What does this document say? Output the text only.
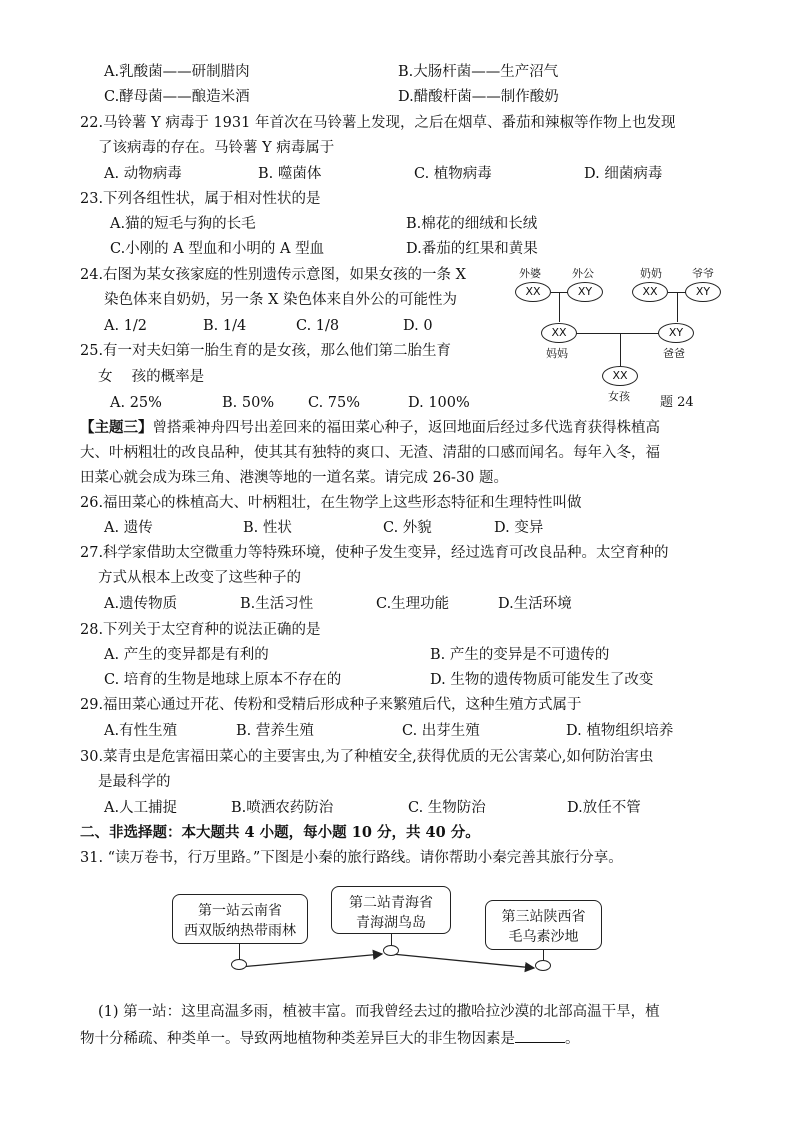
A.乳酸菌——研制腊肉	B.大肠杆菌——生产沼气
C.酵母菌——酿造米酒	D.醋酸杆菌——制作酸奶
22.马铃薯 Y 病毒于 1931 年首次在马铃薯上发现，之后在烟草、番茄和辣椒等作物上也发现
了该病毒的存在。马铃薯 Y 病毒属于
A. 动物病毒	B. 噬菌体	C. 植物病毒	D. 细菌病毒
23.下列各组性状，属于相对性状的是
A.猫的短毛与狗的长毛	B.棉花的细绒和长绒
C.小刚的 A 型血和小明的 A 型血	D.番茄的红果和黄果
24.右图为某女孩家庭的性别遗传示意图，如果女孩的一条 X
染色体来自奶奶，另一条 X 染色体来自外公的可能性为
A. 1/2	B. 1/4	C. 1/8	D. 0
25.有一对夫妇第一胎生育的是女孩，那么他们第二胎生育
女　 孩的概率是
A. 25%	B. 50% C. 75%	D. 100%
外婆	外公	奶奶	爷爷
XX	XY	XX	XY
XX	XY
妈妈	爸爸
XX
女孩 题 24
【主题三】曾搭乘神舟四号出差回来的福田菜心种子，返回地面后经过多代选育获得株植高
大、叶柄粗壮的改良品种，使其其有独特的爽口、无渣、清甜的口感而闻名。每年入冬，福
田菜心就会成为珠三角、港澳等地的一道名菜。请完成 26-30 题。
26.福田菜心的株植高大、叶柄粗壮，在生物学上这些形态特征和生理特性叫做
A. 遗传	B. 性状	C. 外貌	D. 变异
27.科学家借助太空微重力等特殊环境，使种子发生变异，经过选育可改良品种。太空育种的
方式从根本上改变了这些种子的
A.遗传物质	B.生活习性	C.生理功能	D.生活环境
28.下列关于太空育种的说法正确的是
A. 产生的变异都是有利的	B. 产生的变异是不可遗传的
C. 培育的生物是地球上原本不存在的	D. 生物的遗传物质可能发生了改变
29.福田菜心通过开花、传粉和受精后形成种子来繁殖后代，这种生殖方式属于
A.有性生殖	B. 营养生殖	C. 出芽生殖	D. 植物组织培养
30.菜青虫是危害福田菜心的主要害虫,为了种植安全,获得优质的无公害菜心,如何防治害虫
是最科学的
A.人工捕捉	B.喷洒农药防治	C. 生物防治	D.放任不管
二、非选择题：本大题共 4 小题，每小题 10 分，共 40 分。
31. “读万卷书，行万里路。”下图是小秦的旅行路线。请你帮助小秦完善其旅行分享。
第一站云南省
西双版纳热带雨林
第二站青海省
青海湖鸟岛	第三站陕西省
毛乌素沙地
(1) 第一站：这里高温多雨，植被丰富。而我曾经去过的撒哈拉沙漠的北部高温干旱，植
物十分稀疏、种类单一。导致两地植物种类差异巨大的非生物因素是	。
